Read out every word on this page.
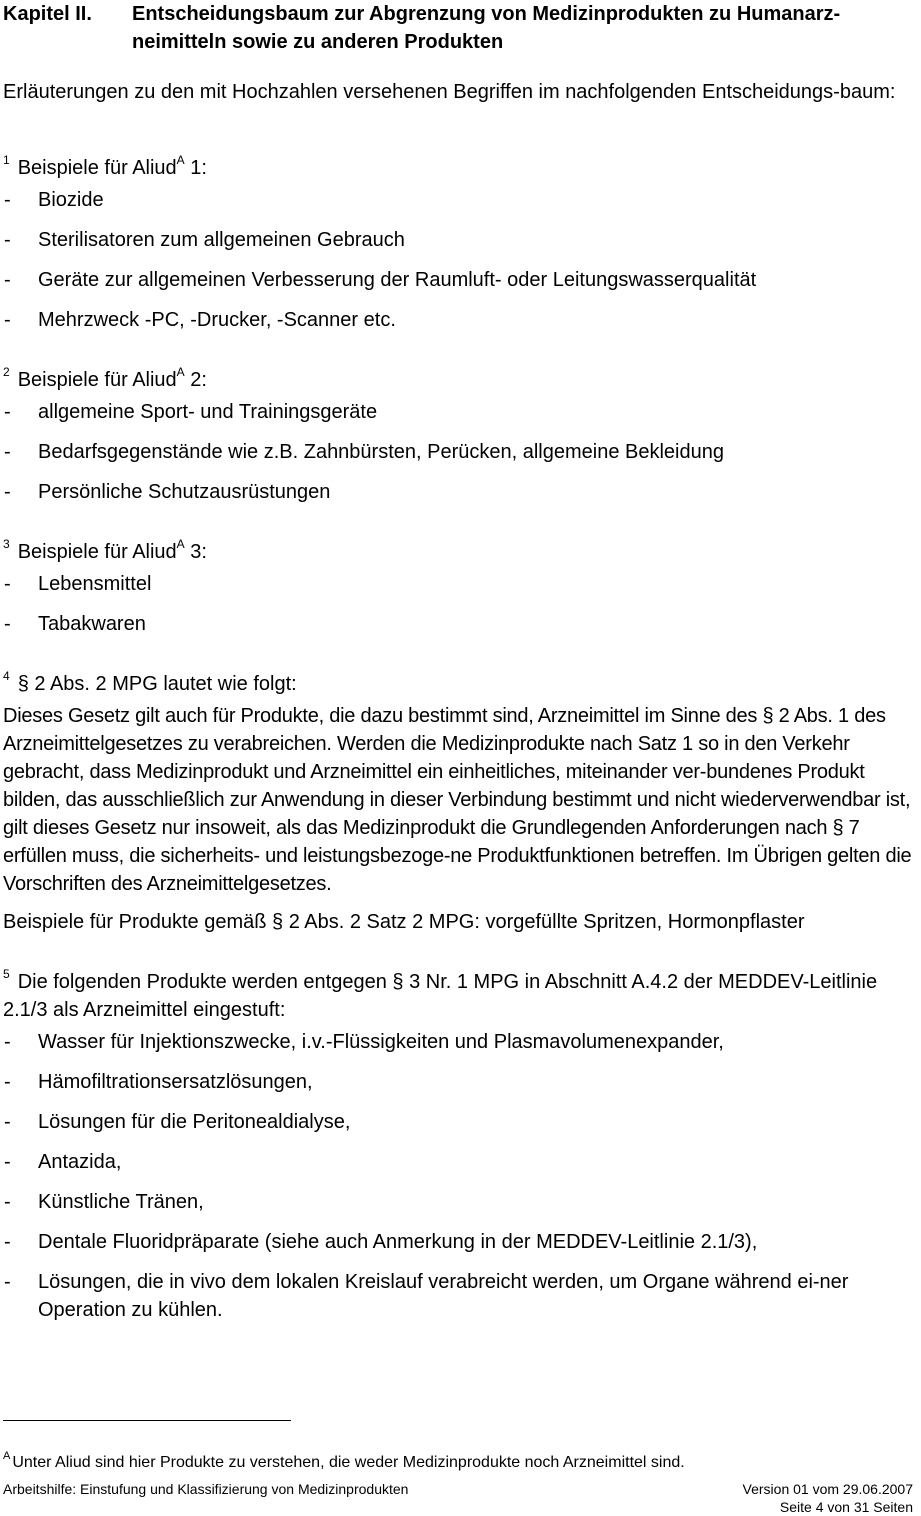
Kapitel II. Entscheidungsbaum zur Abgrenzung von Medizinprodukten zu Humanarz-neimitteln sowie zu anderen Produkten
Erläuterungen zu den mit Hochzahlen versehenen Begriffen im nachfolgenden Entscheidungs-baum:
$^1$ Beispiele für Aliud$^A$ 1:
- Biozide
- Sterilisatoren zum allgemeinen Gebrauch
- Geräte zur allgemeinen Verbesserung der Raumluft- oder Leitungswasserqualität
- Mehrzweck -PC, -Drucker, -Scanner etc.
$^2$ Beispiele für Aliud$^A$ 2:
- allgemeine Sport- und Trainingsgeräte
- Bedarfsgegenstände wie z.B. Zahnbürsten, Perücken, allgemeine Bekleidung
- Persönliche Schutzausrüstungen
$^3$ Beispiele für Aliud$^A$ 3:
- Lebensmittel
- Tabakwaren
$^4$ § 2 Abs. 2 MPG lautet wie folgt:
Dieses Gesetz gilt auch für Produkte, die dazu bestimmt sind, Arzneimittel im Sinne des § 2 Abs. 1 des Arzneimittelgesetzes zu verabreichen. Werden die Medizinprodukte nach Satz 1 so in den Verkehr gebracht, dass Medizinprodukt und Arzneimittel ein einheitliches, miteinander ver-bundenes Produkt bilden, das ausschließlich zur Anwendung in dieser Verbindung bestimmt und nicht wiederverwendbar ist, gilt dieses Gesetz nur insoweit, als das Medizinprodukt die Grundlegenden Anforderungen nach § 7 erfüllen muss, die sicherheits- und leistungsbezoge-ne Produktfunktionen betreffen. Im Übrigen gelten die Vorschriften des Arzneimittelgesetzes.
Beispiele für Produkte gemäß § 2 Abs. 2 Satz 2 MPG: vorgefüllte Spritzen, Hormonpflaster
$^5$ Die folgenden Produkte werden entgegen § 3 Nr. 1 MPG in Abschnitt A.4.2 der MEDDEV-Leitlinie 2.1/3 als Arzneimittel eingestuft:
- Wasser für Injektionszwecke, i.v.-Flüssigkeiten und Plasmavolumenexpander,
- Hämofiltrationsersatzlösungen,
- Lösungen für die Peritonealdialyse,
- Antazida,
- Künstliche Tränen,
- Dentale Fluoridpräparate (siehe auch Anmerkung in der MEDDEV-Leitlinie 2.1/3),
- Lösungen, die in vivo dem lokalen Kreislauf verabreicht werden, um Organe während ei-ner Operation zu kühlen.
$^A$ Unter Aliud sind hier Produkte zu verstehen, die weder Medizinprodukte noch Arzneimittel sind.
Arbeitshilfe: Einstufung und Klassifizierung von Medizinprodukten	Version 01 vom 29.06.2007
Seite 4 von 31 Seiten
